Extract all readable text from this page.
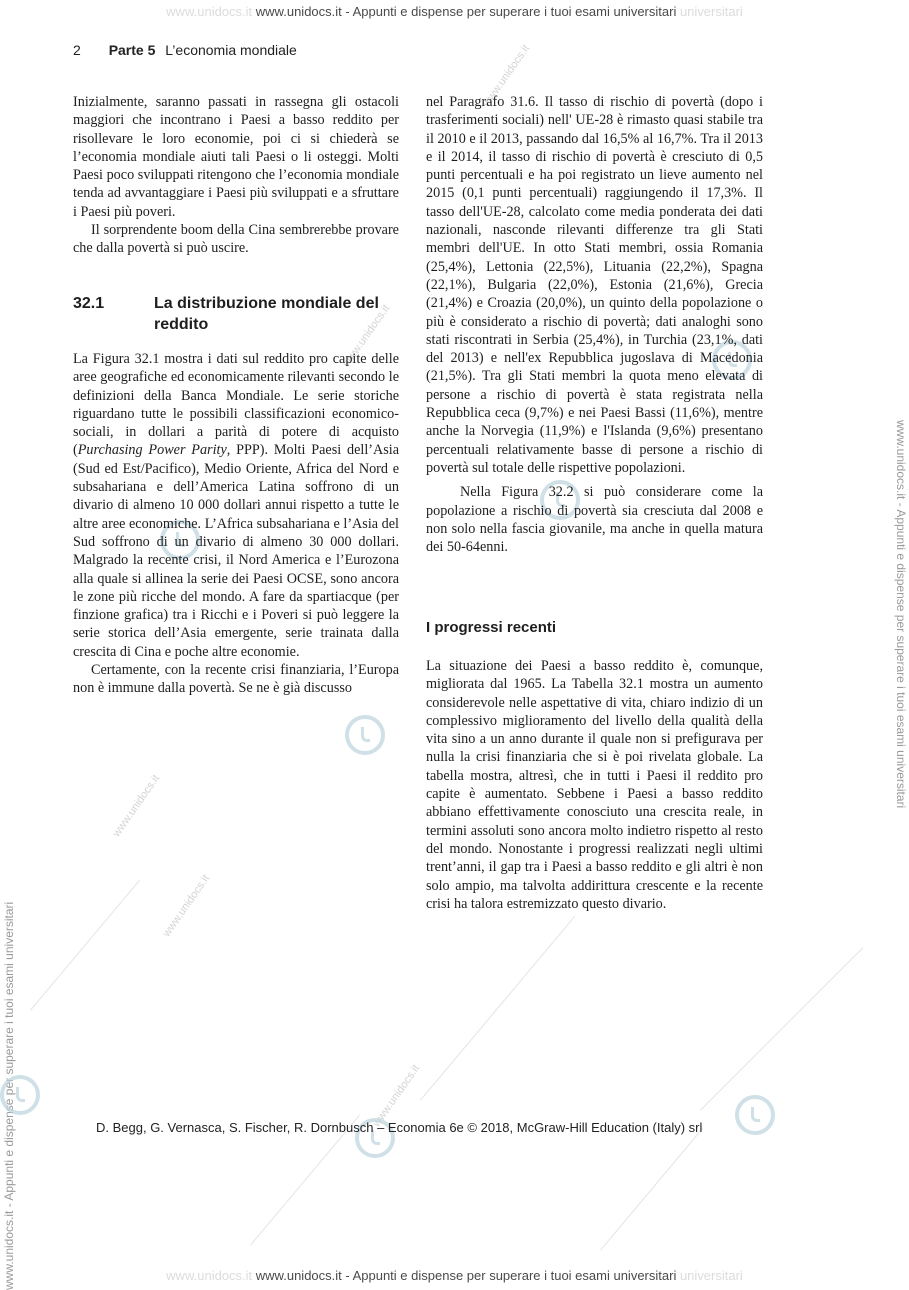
www.unidocs.it www.unidocs.it - Appunti e dispense per superare i tuoi esami universitari universitari
www.unidocs.it www.unidocs.it - Appunti e dispense per superare i tuoi esami universitari universitari
www.unidocs.it - Appunti e dispense per superare i tuoi esami universitari
www.unidocs.it - Appunti e dispense per superare i tuoi esami universitari
www.unidocs.it
www.unidocs.it
www.unidocs.it
www.unidocs.it
www.unidocs.it
2 Parte 5 L’economia mondiale

Inizialmente, saranno passati in rassegna gli ostacoli maggiori che incontrano i Paesi a basso reddito per risollevare le loro economie, poi ci si chiederà se l’economia mondiale aiuti tali Paesi o li osteggi. Molti Paesi poco sviluppati ritengono che l’economia mondiale tenda ad avvantaggiare i Paesi più sviluppati e a sfruttare i Paesi più poveri.

Il sorprendente boom della Cina sembrerebbe provare che dalla povertà si può uscire.

32.1	La distribuzione mondiale del reddito

La Figura 32.1 mostra i dati sul reddito pro capite delle aree geografiche ed economicamente rilevanti secondo le definizioni della Banca Mondiale. Le serie storiche riguardano tutte le possibili classificazioni economico-sociali, in dollari a parità di potere di acquisto (Purchasing Power Parity, PPP). Molti Paesi dell’Asia (Sud ed Est/Pacifico), Medio Oriente, Africa del Nord e subsahariana e dell’America Latina soffrono di un divario di almeno 10 000 dollari annui rispetto a tutte le altre aree economiche. L’Africa subsahariana e l’Asia del Sud soffrono di un divario di almeno 30 000 dollari. Malgrado la recente crisi, il Nord America e l’Eurozona alla quale si allinea la serie dei Paesi OCSE, sono ancora le zone più ricche del mondo. A fare da spartiacque (per finzione grafica) tra i Ricchi e i Poveri si può leggere la serie storica dell’Asia emergente, serie trainata dalla crescita di Cina e poche altre economie.

Certamente, con la recente crisi finanziaria, l’Europa non è immune dalla povertà. Se ne è già discusso

nel Paragrafo 31.6. Il tasso di rischio di povertà (dopo i trasferimenti sociali) nell' UE-28 è rimasto quasi stabile tra il 2010 e il 2013, passando dal 16,5% al 16,7%. Tra il 2013 e il 2014, il tasso di rischio di povertà è cresciuto di 0,5 punti percentuali e ha poi registrato un lieve aumento nel 2015 (0,1 punti percentuali) raggiungendo il 17,3%. Il tasso dell'UE-28, calcolato come media ponderata dei dati nazionali, nasconde rilevanti differenze tra gli Stati membri dell'UE. In otto Stati membri, ossia Romania (25,4%), Lettonia (22,5%), Lituania (22,2%), Spagna (22,1%), Bulgaria (22,0%), Estonia (21,6%), Grecia (21,4%) e Croazia (20,0%), un quinto della popolazione o più è considerato a rischio di povertà; dati analoghi sono stati riscontrati in Serbia (25,4%), in Turchia (23,1%, dati del 2013) e nell'ex Repubblica jugoslava di Macedonia (21,5%). Tra gli Stati membri la quota meno elevata di persone a rischio di povertà è stata registrata nella Repubblica ceca (9,7%) e nei Paesi Bassi (11,6%), mentre anche la Norvegia (11,9%) e l'Islanda (9,6%) presentano percentuali relativamente basse di persone a rischio di povertà sul totale delle rispettive popolazioni.

Nella Figura 32.2 si può considerare come la popolazione a rischio di povertà sia cresciuta dal 2008 e non solo nella fascia giovanile, ma anche in quella matura dei 50-64enni.

I progressi recenti

La situazione dei Paesi a basso reddito è, comunque, migliorata dal 1965. La Tabella 32.1 mostra un aumento considerevole nelle aspettative di vita, chiaro indizio di un complessivo miglioramento del livello della qualità della vita sino a un anno durante il quale non si prefigurava per nulla la crisi finanziaria che si è poi rivelata globale. La tabella mostra, altresì, che in tutti i Paesi il reddito pro capite è aumentato. Sebbene i Paesi a basso reddito abbiano effettivamente conosciuto una crescita reale, in termini assoluti sono ancora molto indietro rispetto al resto del mondo. Nonostante i progressi realizzati negli ultimi trent’anni, il gap tra i Paesi a basso reddito e gli altri è non solo ampio, ma talvolta addirittura crescente e la recente crisi ha talora estremizzato questo divario.

D. Begg, G. Vernasca, S. Fischer, R. Dornbusch – Economia 6e © 2018, McGraw-Hill Education (Italy) srl
